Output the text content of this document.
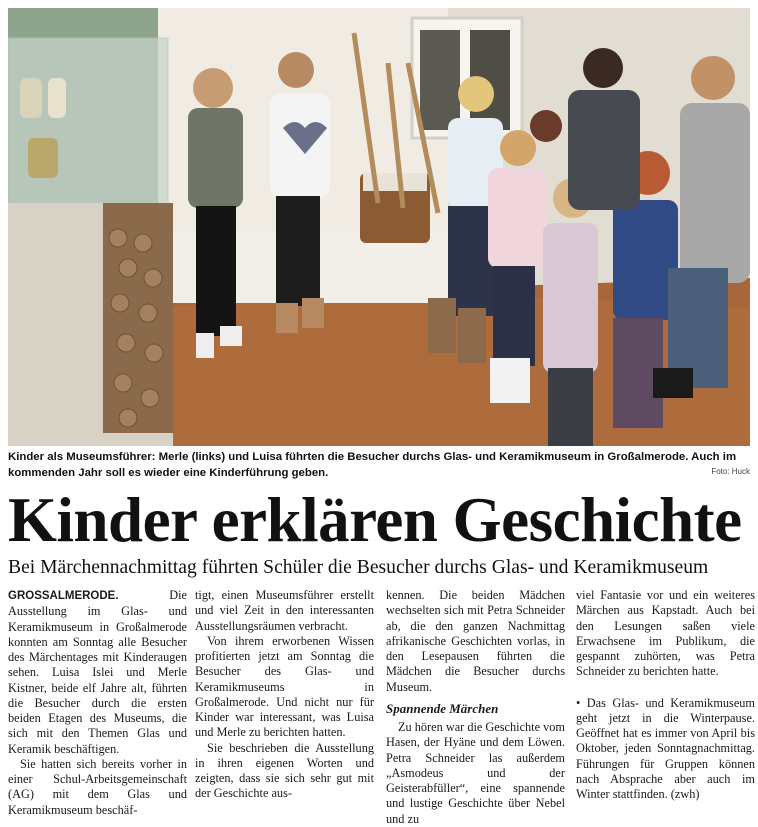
Kinder als Museumsführer: Merle (links) und Luisa führten die Besucher durchs Glas- und Keramikmuseum in Großalmerode. Auch im kommenden Jahr soll es wieder eine Kinderführung geben.	Foto: Huck
Kinder erklären Geschichte
Bei Märchennachmittag führten Schüler die Besucher durchs Glas- und Keramikmuseum

GROSSALMERODE.	Die Ausstellung im Glas- und Keramikmuseum in Großalmerode konnten am Sonntag alle Besucher des Märchentages mit Kinderaugen sehen. Luisa Islei und Merle Kistner, beide elf Jahre alt, führten die Besucher durch die ersten beiden Etagen des Museums, die sich mit den Themen Glas und Keramik beschäftigen.

Sie hatten sich bereits vorher in einer Schul-Arbeitsgemeinschaft (AG) mit dem Glas und Keramikmuseum beschäf-

tigt, einen Museumsführer erstellt und viel Zeit in den interessanten Ausstellungsräumen verbracht.

Von ihrem erworbenen Wissen profitierten jetzt am Sonntag die Besucher des Glas- und Keramikmuseums in Großalmerode. Und nicht nur für Kinder war interessant, was Luisa und Merle zu berichten hatten.

Sie beschrieben die Ausstellung in ihren eigenen Worten und zeigten, dass sie sich sehr gut mit der Geschichte aus-

kennen. Die beiden Mädchen wechselten sich mit Petra Schneider ab, die den ganzen Nachmittag afrikanische Geschichten vorlas, in den Lesepausen führten die Mädchen die Besucher durchs Museum.

Spannende Märchen

Zu hören war die Geschichte vom Hasen, der Hyäne und dem Löwen. Petra Schneider las außerdem „Asmodeus und der Geisterabfüller“, eine spannende und lustige Geschichte über Nebel und zu

viel Fantasie vor und ein weiteres Märchen aus Kapstadt. Auch bei den Lesungen saßen viele Erwachsene im Publikum, die gespannt zuhörten, was Petra Schneider zu berichten hatte.

• Das Glas- und Keramikmuseum geht jetzt in die Winterpause. Geöffnet hat es immer von April bis Oktober, jeden Sonntagnachmittag. Führungen für Gruppen können nach Absprache aber auch im Winter stattfinden. (zwh)
